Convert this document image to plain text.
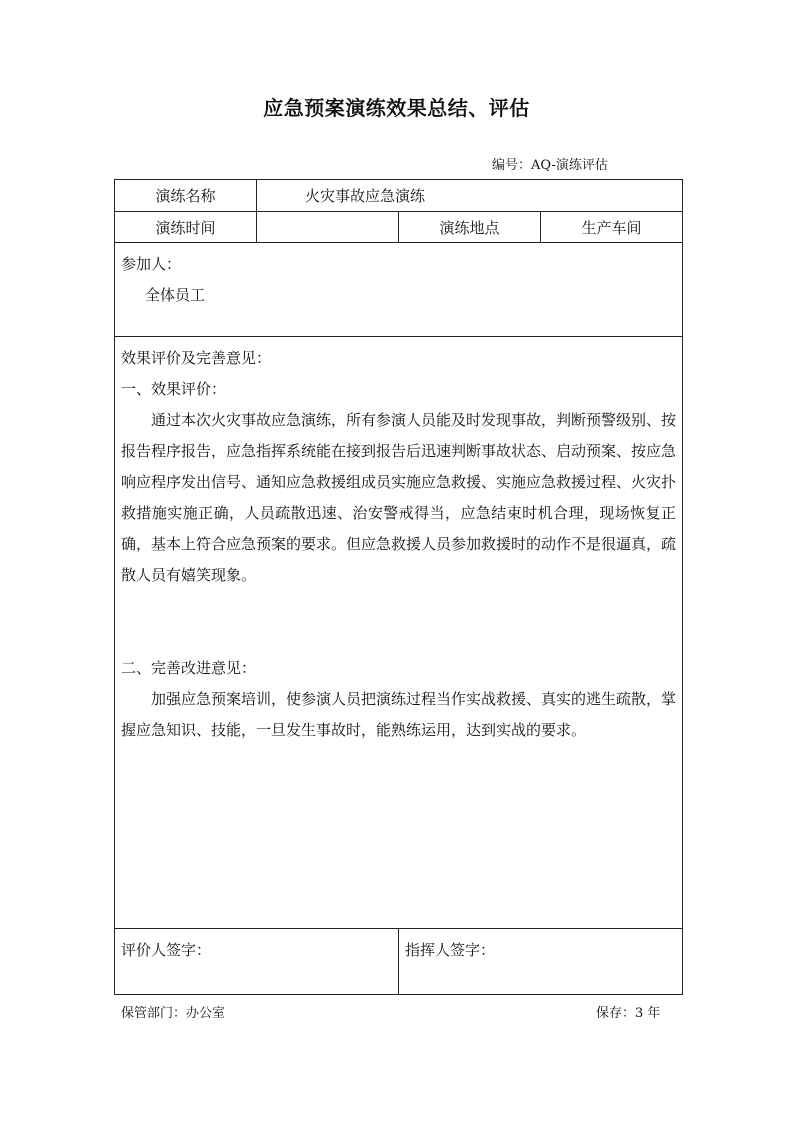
应急预案演练效果总结、评估
编号：AQ-演练评估
演练名称	火灾事故应急演练		
演练时间		演练地点	生产车间

参加人：

全体员工			

效果评价及完善意见：

一、效果评价：

通过本次火灾事故应急演练，所有参演人员能及时发现事故，判断预警级别、按报告程序报告，应急指挥系统能在接到报告后迅速判断事故状态、启动预案、按应急响应程序发出信号、通知应急救援组成员实施应急救援、实施应急救援过程、火灾扑救措施实施正确，人员疏散迅速、治安警戒得当，应急结束时机合理，现场恢复正确，基本上符合应急预案的要求。但应急救援人员参加救援时的动作不是很逼真，疏散人员有嬉笑现象。

二、完善改进意见：

加强应急预案培训，使参演人员把演练过程当作实战救援、真实的逃生疏散，掌握应急知识、技能，一旦发生事故时，能熟练运用，达到实战的要求。			

评价人签字：		指挥人签字：	
保管部门：办公室	保存：3 年
